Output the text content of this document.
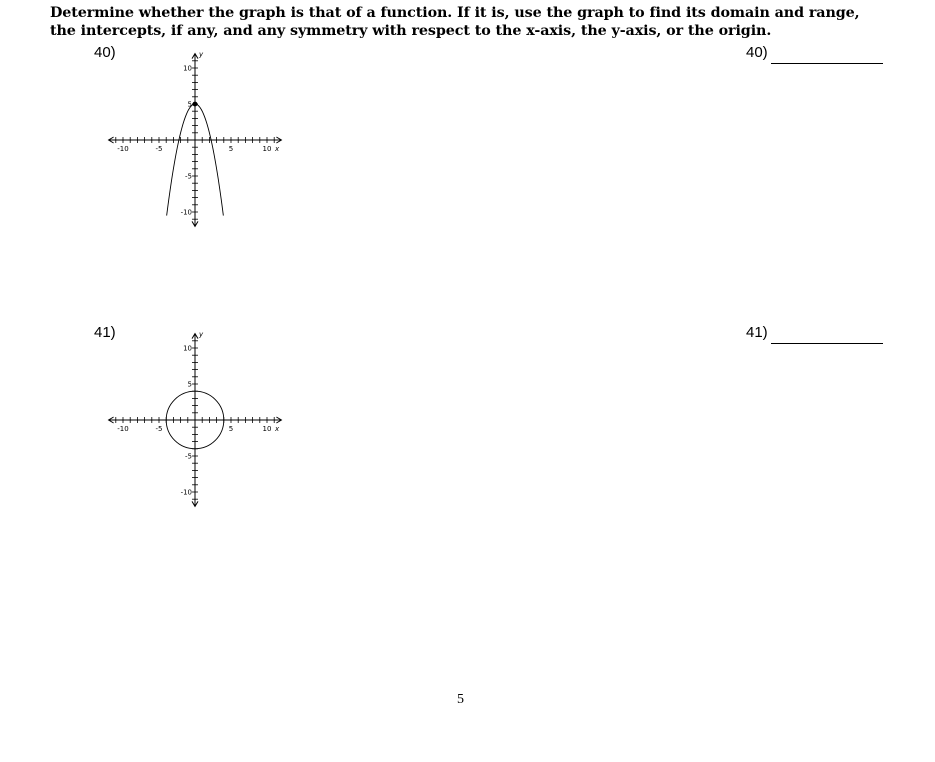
Determine whether the graph is that of a function. If it is, use the graph to find its domain and range, the intercepts, if any, and any symmetry with respect to the x-axis, the y-axis, or the origin.
40)	40)
-10	-5	5	10
10
5
-5
-10
x
y
41)	41)
-10	-5	5	10
10
5
-5
-10
x
y
5
